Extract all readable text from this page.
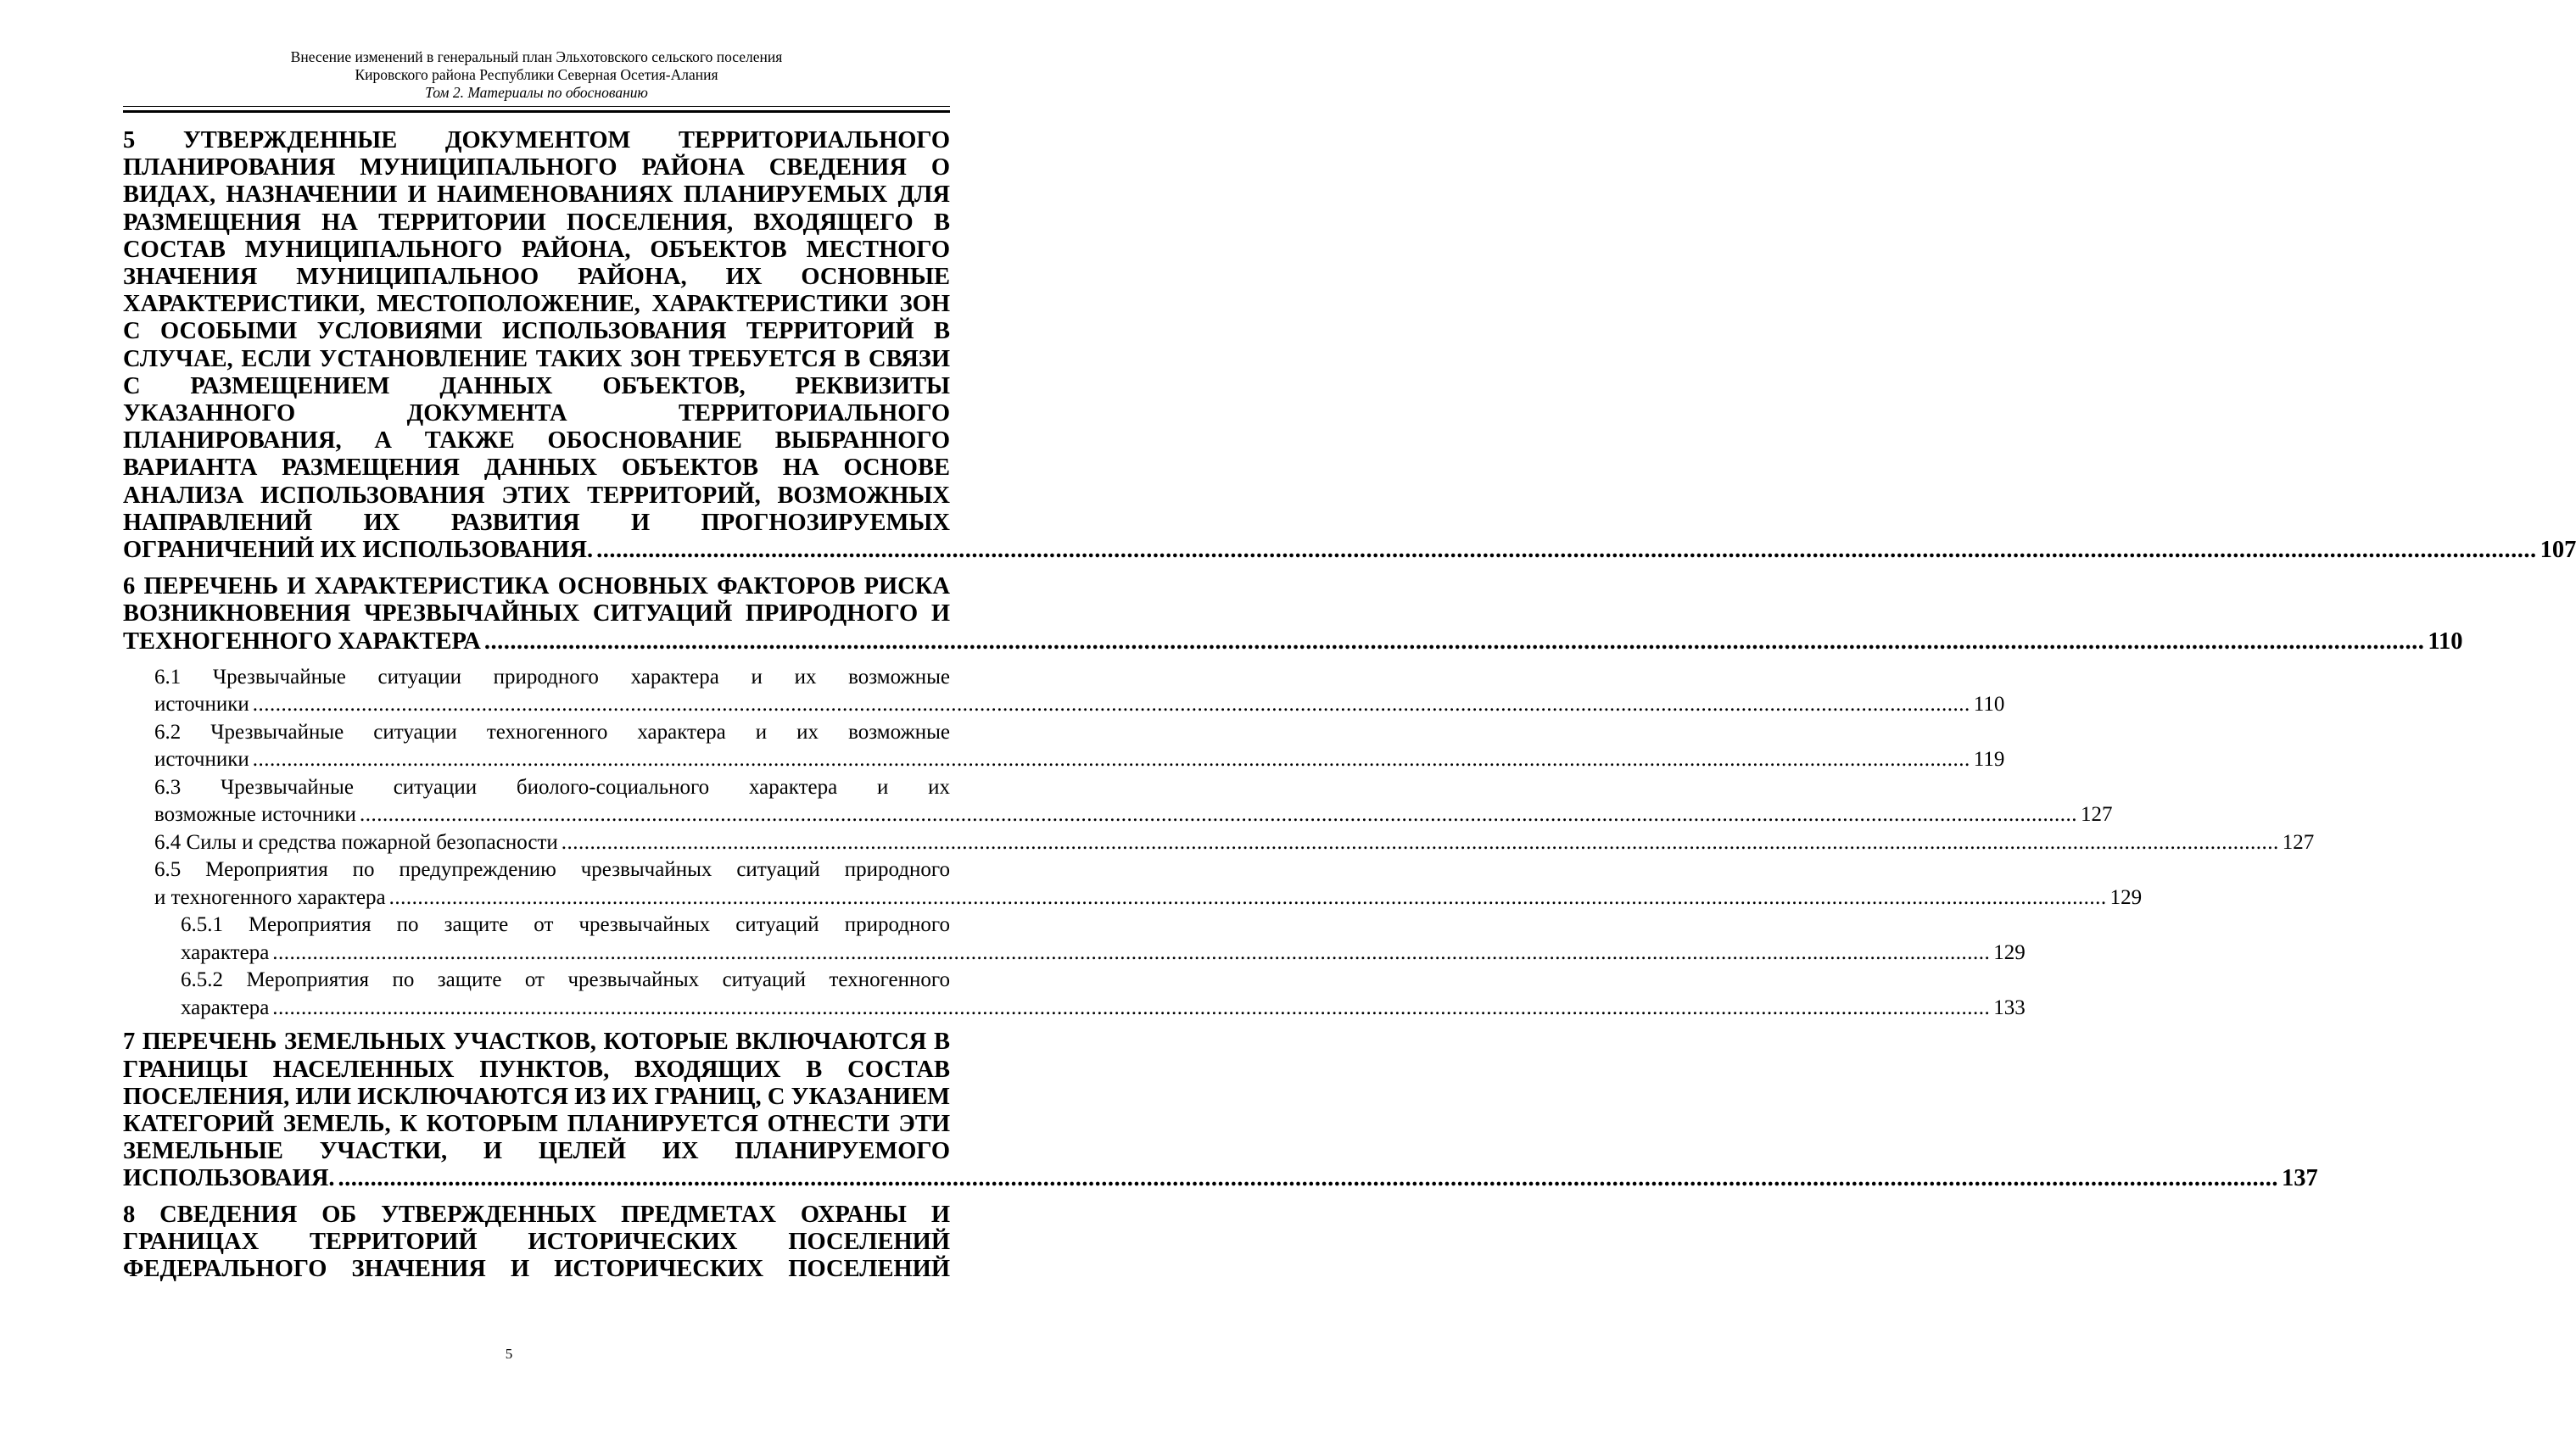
Внесение изменений в генеральный план Эльхотовского сельского поселения
Кировского района Республики Северная Осетия-Алания
Том 2. Материалы по обоснованию
5 УТВЕРЖДЕННЫЕ ДОКУМЕНТОМ ТЕРРИТОРИАЛЬНОГО
ПЛАНИРОВАНИЯ МУНИЦИПАЛЬНОГО РАЙОНА СВЕДЕНИЯ О
ВИДАХ, НАЗНАЧЕНИИ И НАИМЕНОВАНИЯХ ПЛАНИРУЕМЫХ ДЛЯ
РАЗМЕЩЕНИЯ НА ТЕРРИТОРИИ ПОСЕЛЕНИЯ, ВХОДЯЩЕГО В
СОСТАВ МУНИЦИПАЛЬНОГО РАЙОНА, ОБЪЕКТОВ МЕСТНОГО
ЗНАЧЕНИЯ МУНИЦИПАЛЬНОО РАЙОНА, ИХ ОСНОВНЫЕ
ХАРАКТЕРИСТИКИ, МЕСТОПОЛОЖЕНИЕ, ХАРАКТЕРИСТИКИ ЗОН
С ОСОБЫМИ УСЛОВИЯМИ ИСПОЛЬЗОВАНИЯ ТЕРРИТОРИЙ В
СЛУЧАЕ, ЕСЛИ УСТАНОВЛЕНИЕ ТАКИХ ЗОН ТРЕБУЕТСЯ В СВЯЗИ
С РАЗМЕЩЕНИЕМ ДАННЫХ ОБЪЕКТОВ, РЕКВИЗИТЫ
УКАЗАННОГО ДОКУМЕНТА ТЕРРИТОРИАЛЬНОГО
ПЛАНИРОВАНИЯ, А ТАКЖЕ ОБОСНОВАНИЕ ВЫБРАННОГО
ВАРИАНТА РАЗМЕЩЕНИЯ ДАННЫХ ОБЪЕКТОВ НА ОСНОВЕ
АНАЛИЗА ИСПОЛЬЗОВАНИЯ ЭТИХ ТЕРРИТОРИЙ, ВОЗМОЖНЫХ
НАПРАВЛЕНИЙ ИХ РАЗВИТИЯ И ПРОГНОЗИРУЕМЫХ
ОГРАНИЧЕНИЙ ИХ ИСПОЛЬЗОВАНИЯ. ............................................................................................................................................................................................................................................................................................................ 107
6 ПЕРЕЧЕНЬ И ХАРАКТЕРИСТИКА ОСНОВНЫХ ФАКТОРОВ РИСКА
ВОЗНИКНОВЕНИЯ ЧРЕЗВЫЧАЙНЫХ СИТУАЦИЙ ПРИРОДНОГО И
ТЕХНОГЕННОГО ХАРАКТЕРА ............................................................................................................................................................................................................................................................................................................ 110
6.1 Чрезвычайные ситуации природного характера и их возможные
источники ............................................................................................................................................................................................................................................................................................................ 110
6.2 Чрезвычайные ситуации техногенного характера и их возможные
источники ............................................................................................................................................................................................................................................................................................................ 119
6.3 Чрезвычайные ситуации биолого-социального характера и их
возможные источники ............................................................................................................................................................................................................................................................................................................ 127
6.4 Силы и средства пожарной безопасности ............................................................................................................................................................................................................................................................................................................ 127
6.5 Мероприятия по предупреждению чрезвычайных ситуаций природного
и техногенного характера ............................................................................................................................................................................................................................................................................................................ 129
6.5.1 Мероприятия по защите от чрезвычайных ситуаций природного
характера ............................................................................................................................................................................................................................................................................................................ 129
6.5.2 Мероприятия по защите от чрезвычайных ситуаций техногенного
характера ............................................................................................................................................................................................................................................................................................................ 133
7 ПЕРЕЧЕНЬ ЗЕМЕЛЬНЫХ УЧАСТКОВ, КОТОРЫЕ ВКЛЮЧАЮТСЯ В
ГРАНИЦЫ НАСЕЛЕННЫХ ПУНКТОВ, ВХОДЯЩИХ В СОСТАВ
ПОСЕЛЕНИЯ, ИЛИ ИСКЛЮЧАЮТСЯ ИЗ ИХ ГРАНИЦ, С УКАЗАНИЕМ
КАТЕГОРИЙ ЗЕМЕЛЬ, К КОТОРЫМ ПЛАНИРУЕТСЯ ОТНЕСТИ ЭТИ
ЗЕМЕЛЬНЫЕ УЧАСТКИ, И ЦЕЛЕЙ ИХ ПЛАНИРУЕМОГО
ИСПОЛЬЗОВАИЯ. ............................................................................................................................................................................................................................................................................................................ 137
8 СВЕДЕНИЯ ОБ УТВЕРЖДЕННЫХ ПРЕДМЕТАХ ОХРАНЫ И
ГРАНИЦАХ ТЕРРИТОРИЙ ИСТОРИЧЕСКИХ ПОСЕЛЕНИЙ
ФЕДЕРАЛЬНОГО ЗНАЧЕНИЯ И ИСТОРИЧЕСКИХ ПОСЕЛЕНИЙ
5
